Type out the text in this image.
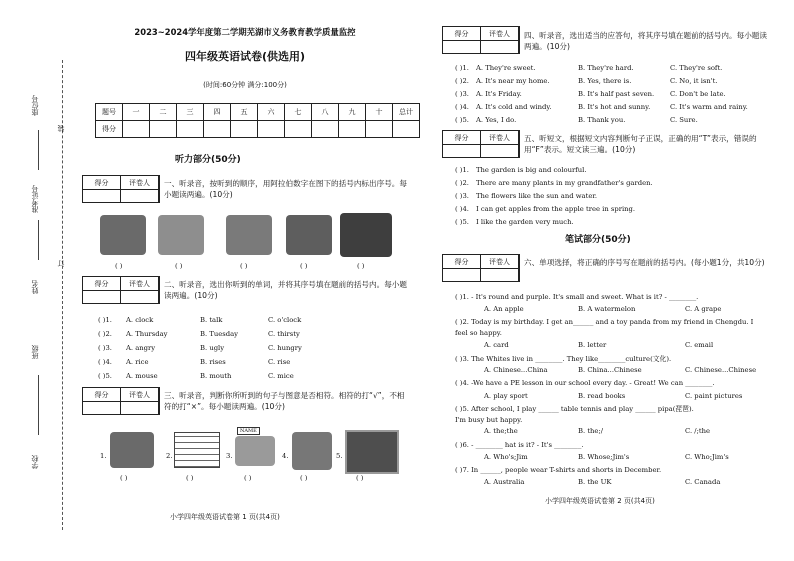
座位号
装
准考证号
姓名
订
班级
学校
2023~2024学年度第二学期芜湖市义务教育教学质量监控
四年级英语试卷(供选用)
(时间:60分钟 满分:100分)
题号	一	二	三	四	五	六	七	八	九	十	总计
得分											
听力部分(50分)
得分	评卷人	一、听录音，按听到的顺序，用阿拉伯数字在图下的括号内标出序号。每小题读两遍。(10分)
( )	( )	( )	( )	( )
得分	评卷人	二、听录音，选出你听到的单词，并将其序号填在题前的括号内。每小题读两遍。(10分)
( )1. A. clock	B. talk	C. o'clock
( )2. A. Thursday	B. Tuesday	C. thirsty
( )3. A. angry	B. ugly	C. hungry
( )4. A. rice	B. rises	C. rise
( )5. A. mouse	B. mouth	C. mice
得分	评卷人	三、听录音，判断你所听到的句子与图意是否相符。相符的打“√”，不相符的打“×”。每小题读两遍。(10分)
1.	2.	3.
NAME
4.	5.
( )	( )	( )	( )	( )
小学四年级英语试卷第 1 页(共4页)
得分	评卷人	四、听录音，选出适当的应答句，将其序号填在题前的括号内。每小题读两遍。(10分)
( )1. A. They're sweet.	B. They're hard.	C. They're soft.
( )2. A. It's near my home.	B. Yes, there is.	C. No, it isn't.
( )3. A. It's Friday.	B. It's half past seven. C. Don't be late.
( )4. A. It's cold and windy.	B. It's hot and sunny.	C. It's warm and rainy.
( )5. A. Yes, I do.	B. Thank you.	C. Sure.
得分	评卷人	五、听短文，根据短文内容判断句子正误，正确的用“T”表示，错误的用“F”表示。短文读三遍。(10分)
( )1. The garden is big and colourful.
( )2. There are many plants in my grandfather's garden.
( )3. The flowers like the sun and water.
( )4. I can get apples from the apple tree in spring.
( )5. I like the garden very much.
笔试部分(50分)
得分	评卷人	六、单项选择，将正确的序号写在题前的括号内。(每小题1分，共10分)
( )1. - It's round and purple. It's small and sweet. What is it? - ________.
A. An apple	B. A watermelon	C. A grape
( )2. Today is my birthday. I get an______ and a toy panda from my friend in Chengdu. I feel so happy.
A. card	B. letter	C. email
( )3. The Whites live in ________. They like________culture(文化).
A. Chinese...China	B. China...Chinese	C. Chinese...Chinese
( )4. -We have a PE lesson in our school every day. - Great! We can ________.
A. play sport	B. read books	C. paint pictures
( )5. After school, I play ______ table tennis and play ______ pipa(琵琶). I'm busy but happy.
A. the;the	B. the;/	C. /;the
( )6. - ________ hat is it? - It's ________.
A. Who's;Jim	B. Whose;Jim's	C. Who;Jim's
( )7. In ______, people wear T-shirts and shorts in December.
A. Australia	B. the UK	C. Canada
小学四年级英语试卷第 2 页(共4页)
